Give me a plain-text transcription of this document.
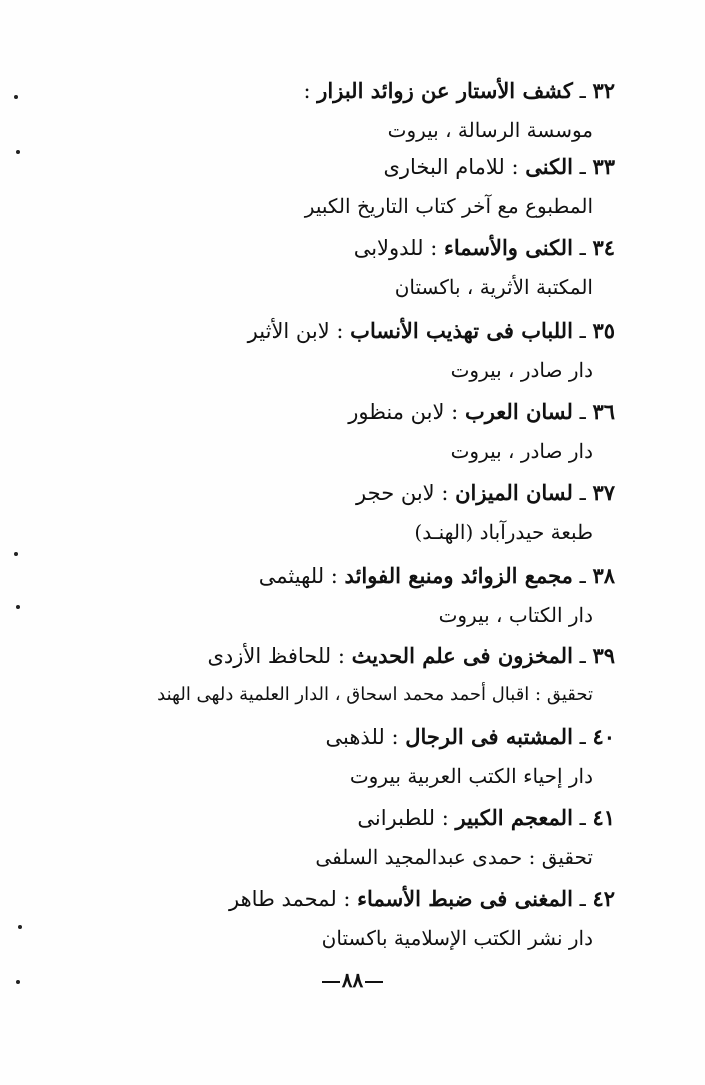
٣٢ ـ كشف الأستار عن زوائد البزار :
موسسة الرسالة ، بيروت
٣٣ ـ الكنى : للامام البخارى
المطبوع مع آخر كتاب التاريخ الكبير
٣٤ ـ الكنى والأسماء : للدولابى
المكتبة الأثرية ، باكستان
٣٥ ـ اللباب فى تهذيب الأنساب : لابن الأثير
دار صادر ، بيروت
٣٦ ـ لسان العرب : لابن منظور
دار صادر ، بيروت
٣٧ ـ لسان الميزان : لابن حجر
طبعة حيدرآباد (الهنـد)
٣٨ ـ مجمع الزوائد ومنبع الفوائد : للهيثمى
دار الكتاب ، بيروت
٣٩ ـ المخزون فى علم الحديث : للحافظ الأزدى
تحقيق : اقبال أحمد محمد اسحاق ، الدار العلمية دلهى الهند
٤٠ ـ المشتبه فى الرجال : للذهبى
دار إحياء الكتب العربية بيروت
٤١ ـ المعجم الكبير : للطبرانى
تحقيق : حمدى عبدالمجيد السلفى
٤٢ ـ المغنى فى ضبط الأسماء : لمحمد طاهر
دار نشر الكتب الإسلامية باكستان
٨٨
